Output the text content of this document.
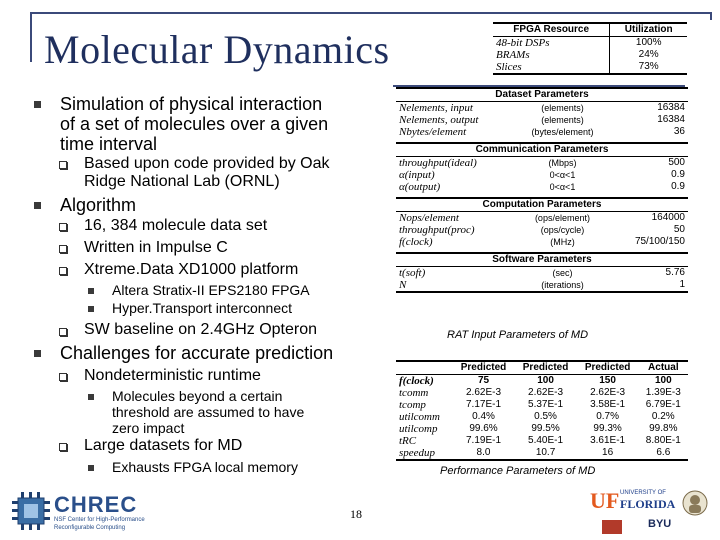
Molecular Dynamics
Simulation of physical interaction
of a set of molecules over a given
time interval
Based upon code provided by Oak
Ridge National Lab (ORNL)
Algorithm
16, 384 molecule data set
Written in Impulse C
Xtreme.Data XD1000 platform
Altera Stratix-II EPS2180 FPGA
Hyper.Transport interconnect
SW baseline on 2.4GHz Opteron
Challenges for accurate prediction
Nondeterministic runtime
Molecules beyond a certain
threshold are assumed to have
zero impact
Large datasets for MD
Exhausts FPGA local memory
FPGA Resource	Utilization
48-bit DSPs	100%
BRAMs	24%
Slices	73%
Dataset Parameters		
Nelements, input	(elements)	16384
Nelements, output	(elements)	16384
Nbytes/element	(bytes/element)	36

Communication Parameters		
throughput(ideal)	(Mbps)	500
α(input)	0<α<1	0.9
α(output)	0<α<1	0.9

Computation Parameters		
Nops/element	(ops/element)	164000
throughput(proc)	(ops/cycle)	50
f(clock)	(MHz)	75/100/150

Software Parameters		
t(soft)	(sec)	5.76
N	(iterations)	1
RAT Input Parameters of MD
	Predicted	Predicted	Predicted	Actual
f(clock)	75	100	150	100
tcomm	2.62E-3	2.62E-3	2.62E-3	1.39E-3
tcomp	7.17E-1	5.37E-1	3.58E-1	6.79E-1
utilcomm	0.4%	0.5%	0.7%	0.2%
utilcomp	99.6%	99.5%	99.3%	99.8%
tRC	7.19E-1	5.40E-1	3.61E-1	8.80E-1
speedup	8.0	10.7	16	6.6
Performance Parameters of MD
18
CHREC
NSF Center for High-Performance
Reconfigurable Computing
UF UNIVERSITY OF
FLORIDA
BYU
